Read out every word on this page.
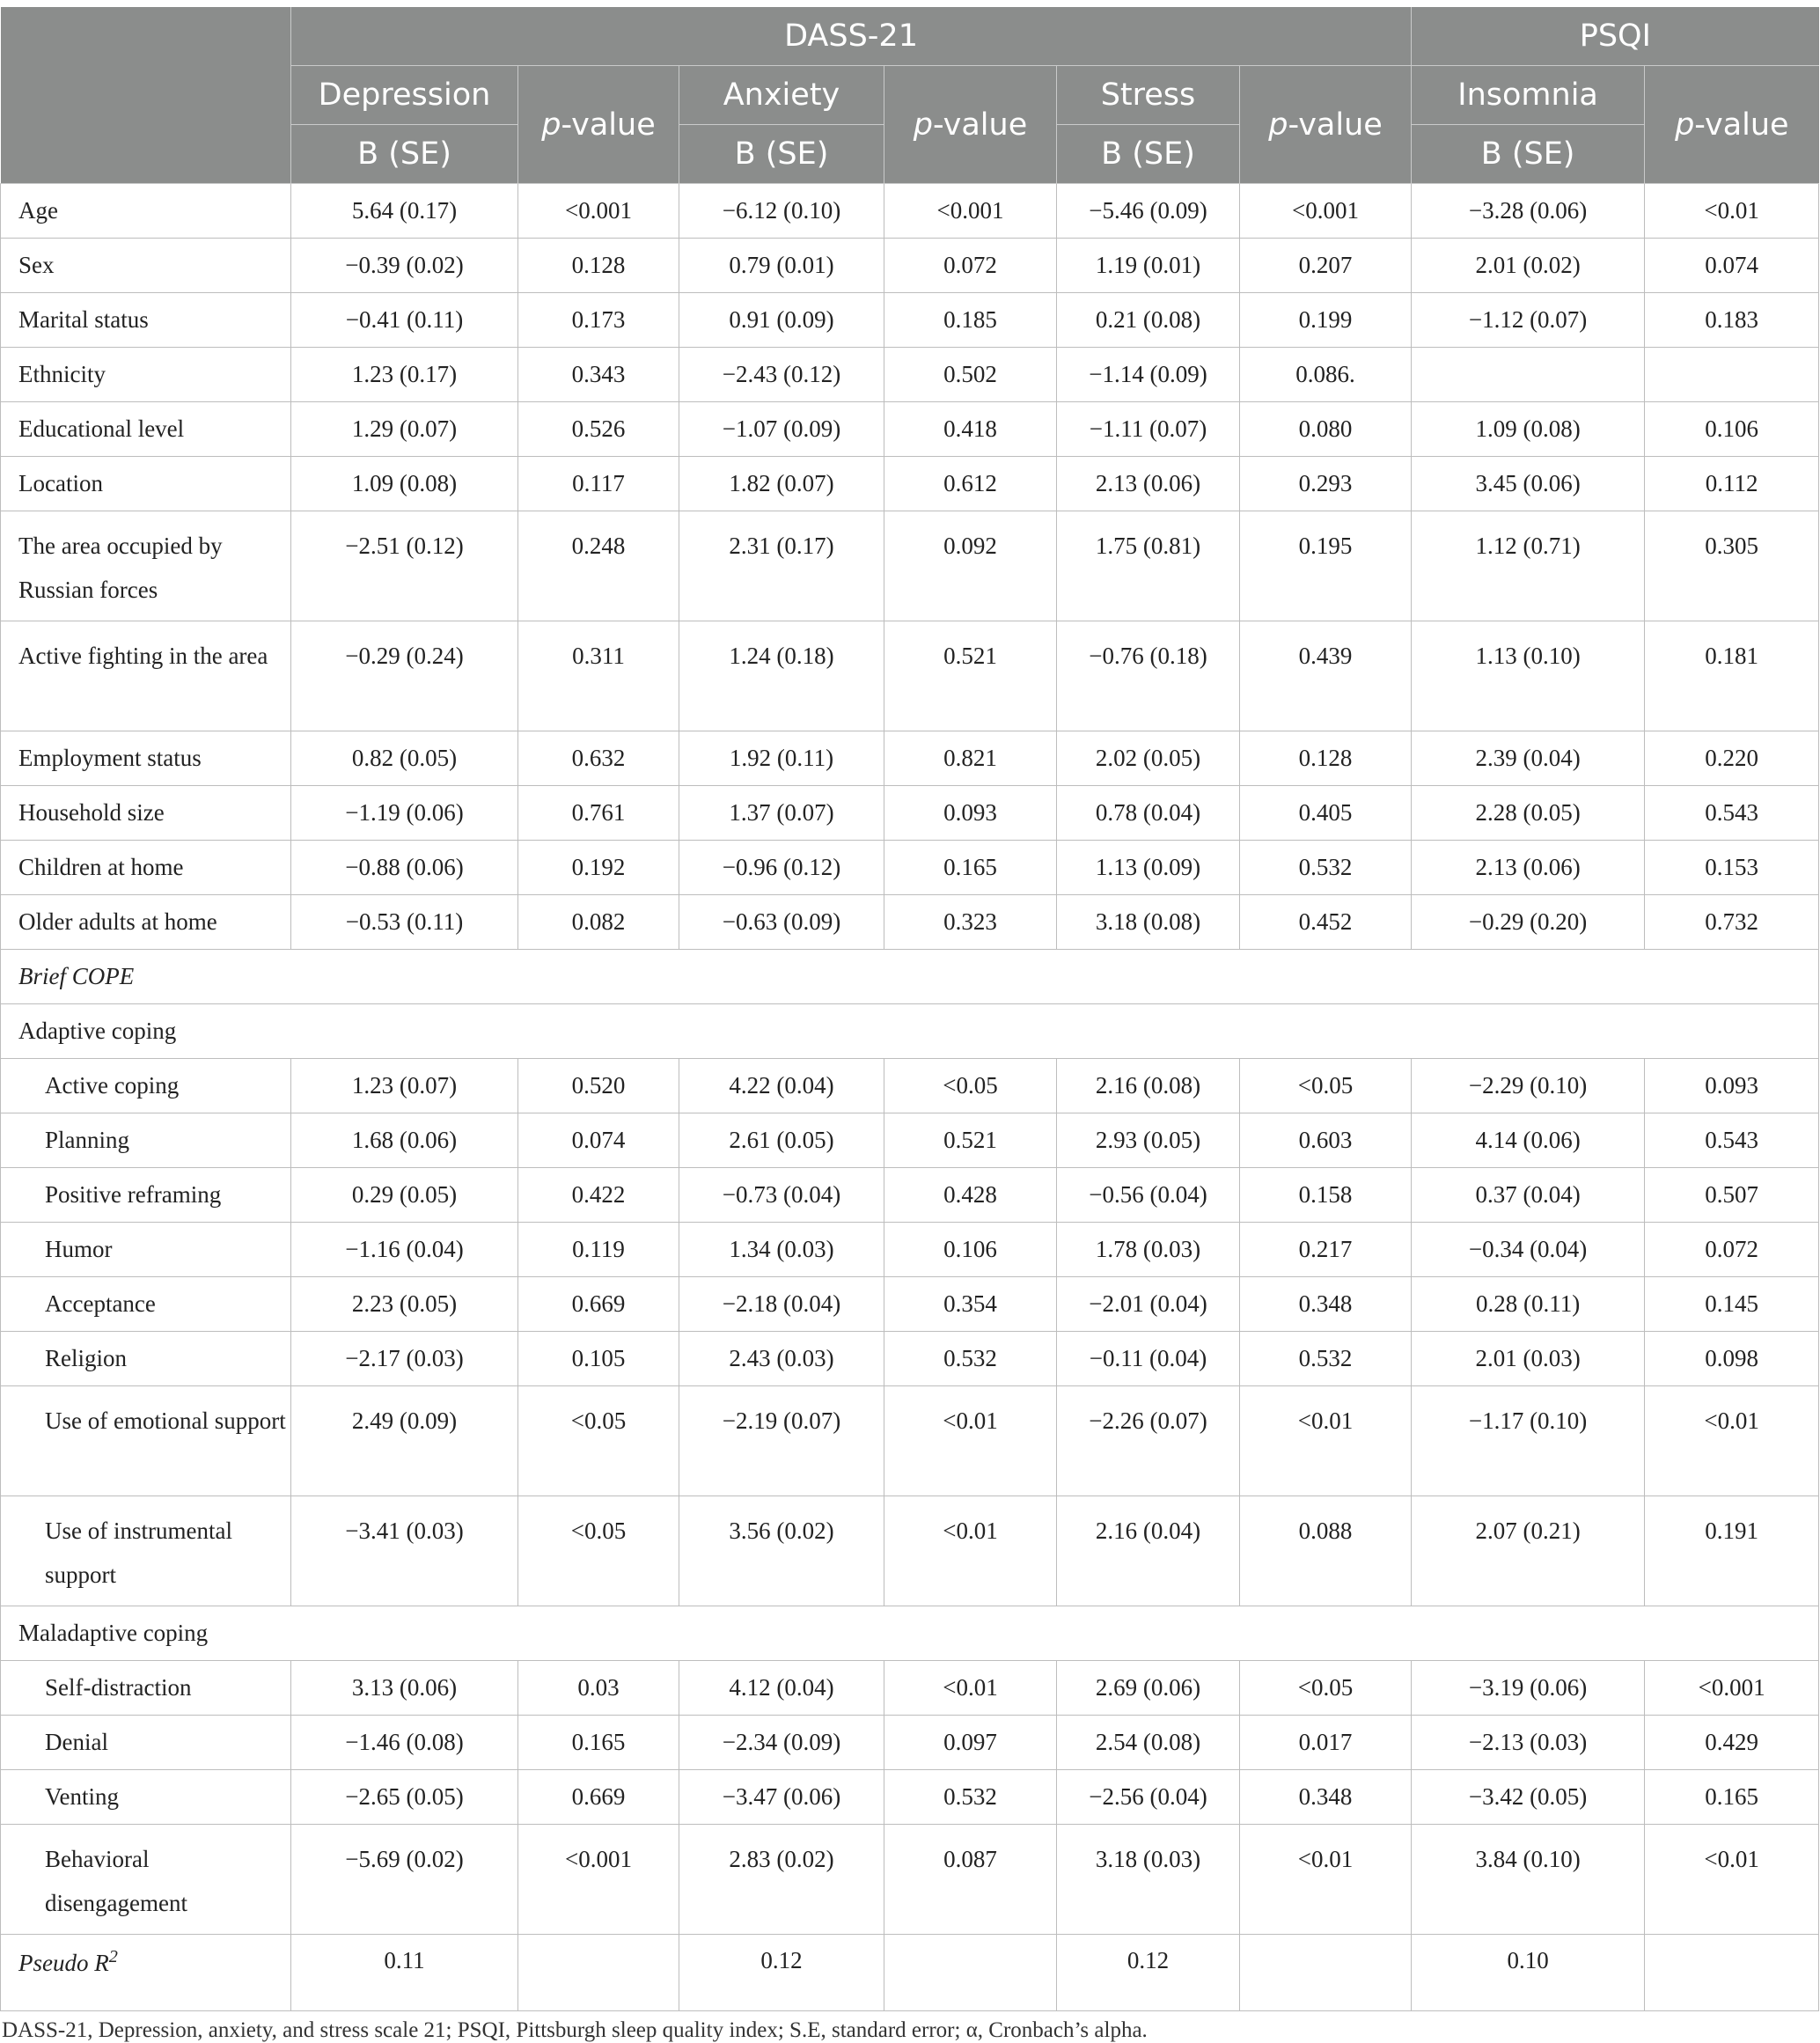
	DASS-21						PSQI	
	Depression	p-value	Anxiety	p-value	Stress	p-value	Insomnia	p-value
	B (SE)		B (SE)		B (SE)		B (SE)	
Age	5.64 (0.17)	<0.001	−6.12 (0.10)	<0.001	−5.46 (0.09)	<0.001	−3.28 (0.06)	<0.01
Sex	−0.39 (0.02)	0.128	0.79 (0.01)	0.072	1.19 (0.01)	0.207	2.01 (0.02)	0.074
Marital status	−0.41 (0.11)	0.173	0.91 (0.09)	0.185	0.21 (0.08)	0.199	−1.12 (0.07)	0.183
Ethnicity	1.23 (0.17)	0.343	−2.43 (0.12)	0.502	−1.14 (0.09)	0.086.		
Educational level	1.29 (0.07)	0.526	−1.07 (0.09)	0.418	−1.11 (0.07)	0.080	1.09 (0.08)	0.106
Location	1.09 (0.08)	0.117	1.82 (0.07)	0.612	2.13 (0.06)	0.293	3.45 (0.06)	0.112
The area occupied by Russian forces	−2.51 (0.12)	0.248	2.31 (0.17)	0.092	1.75 (0.81)	0.195	1.12 (0.71)	0.305
Active fighting in the area	−0.29 (0.24)	0.311	1.24 (0.18)	0.521	−0.76 (0.18)	0.439	1.13 (0.10)	0.181
Employment status	0.82 (0.05)	0.632	1.92 (0.11)	0.821	2.02 (0.05)	0.128	2.39 (0.04)	0.220
Household size	−1.19 (0.06)	0.761	1.37 (0.07)	0.093	0.78 (0.04)	0.405	2.28 (0.05)	0.543
Children at home	−0.88 (0.06)	0.192	−0.96 (0.12)	0.165	1.13 (0.09)	0.532	2.13 (0.06)	0.153
Older adults at home	−0.53 (0.11)	0.082	−0.63 (0.09)	0.323	3.18 (0.08)	0.452	−0.29 (0.20)	0.732
Brief COPE								
Adaptive coping								
Active coping	1.23 (0.07)	0.520	4.22 (0.04)	<0.05	2.16 (0.08)	<0.05	−2.29 (0.10)	0.093
Planning	1.68 (0.06)	0.074	2.61 (0.05)	0.521	2.93 (0.05)	0.603	4.14 (0.06)	0.543
Positive reframing	0.29 (0.05)	0.422	−0.73 (0.04)	0.428	−0.56 (0.04)	0.158	0.37 (0.04)	0.507
Humor	−1.16 (0.04)	0.119	1.34 (0.03)	0.106	1.78 (0.03)	0.217	−0.34 (0.04)	0.072
Acceptance	2.23 (0.05)	0.669	−2.18 (0.04)	0.354	−2.01 (0.04)	0.348	0.28 (0.11)	0.145
Religion	−2.17 (0.03)	0.105	2.43 (0.03)	0.532	−0.11 (0.04)	0.532	2.01 (0.03)	0.098
Use of emotional support	2.49 (0.09)	<0.05	−2.19 (0.07)	<0.01	−2.26 (0.07)	<0.01	−1.17 (0.10)	<0.01
Use of instrumental support	−3.41 (0.03)	<0.05	3.56 (0.02)	<0.01	2.16 (0.04)	0.088	2.07 (0.21)	0.191
Maladaptive coping								
Self-distraction	3.13 (0.06)	0.03	4.12 (0.04)	<0.01	2.69 (0.06)	<0.05	−3.19 (0.06)	<0.001
Denial	−1.46 (0.08)	0.165	−2.34 (0.09)	0.097	2.54 (0.08)	0.017	−2.13 (0.03)	0.429
Venting	−2.65 (0.05)	0.669	−3.47 (0.06)	0.532	−2.56 (0.04)	0.348	−3.42 (0.05)	0.165
Behavioral disengagement	−5.69 (0.02)	<0.001	2.83 (0.02)	0.087	3.18 (0.03)	<0.01	3.84 (0.10)	<0.01
Pseudo $R^2$	0.11		0.12		0.12		0.10	
DASS-21, Depression, anxiety, and stress scale 21; PSQI, Pittsburgh sleep quality index; S.E, standard error; α, Cronbach’s alpha.
